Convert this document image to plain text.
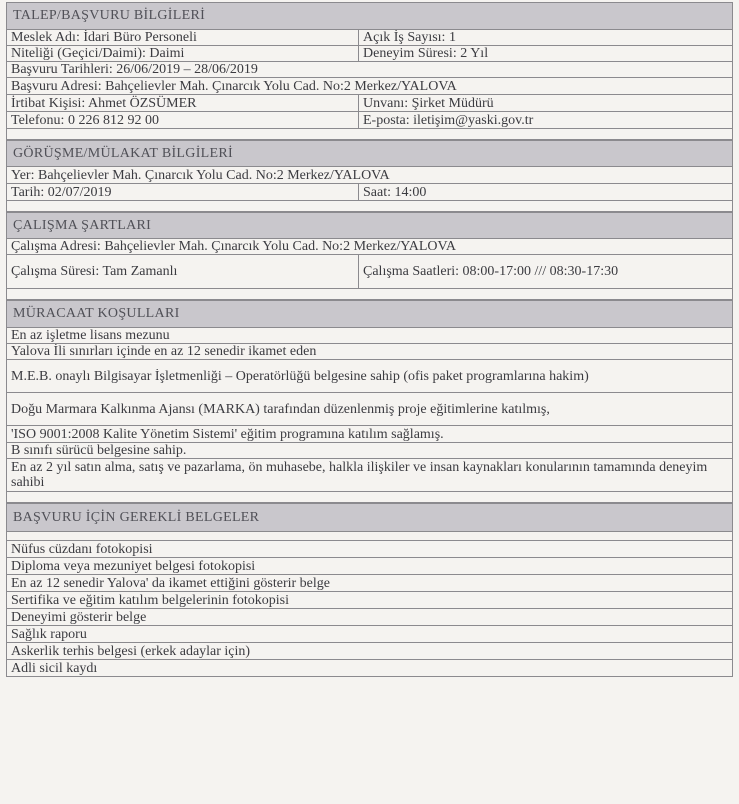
TALEP/BAŞVURU BİLGİLERİ
Meslek Adı: İdari Büro Personeli	Açık İş Sayısı: 1
Niteliği (Geçici/Daimi): Daimi	Deneyim Süresi: 2 Yıl
Başvuru Tarihleri: 26/06/2019 – 28/06/2019
Başvuru Adresi: Bahçelievler Mah. Çınarcık Yolu Cad. No:2 Merkez/YALOVA
İrtibat Kişisi: Ahmet ÖZSÜMER	Unvanı: Şirket Müdürü
Telefonu: 0 226 812 92 00	E-posta: iletişim@yaski.gov.tr
GÖRÜŞME/MÜLAKAT BİLGİLERİ
Yer: Bahçelievler Mah. Çınarcık Yolu Cad. No:2 Merkez/YALOVA
Tarih: 02/07/2019	Saat: 14:00
ÇALIŞMA ŞARTLARI
Çalışma Adresi: Bahçelievler Mah. Çınarcık Yolu Cad. No:2 Merkez/YALOVA
Çalışma Süresi: Tam Zamanlı	Çalışma Saatleri: 08:00-17:00 /// 08:30-17:30
MÜRACAAT KOŞULLARI
En az işletme lisans mezunu
Yalova İli sınırları içinde en az 12 senedir ikamet eden
M.E.B. onaylı Bilgisayar İşletmenliği – Operatörlüğü belgesine sahip (ofis paket programlarına hakim)
Doğu Marmara Kalkınma Ajansı (MARKA) tarafından düzenlenmiş proje eğitimlerine katılmış,
'ISO 9001:2008 Kalite Yönetim Sistemi' eğitim programına katılım sağlamış.
B sınıfı sürücü belgesine sahip.
En az 2 yıl satın alma, satış ve pazarlama, ön muhasebe, halkla ilişkiler ve insan kaynakları konularının tamamında deneyim sahibi
BAŞVURU İÇİN GEREKLİ BELGELER
Nüfus cüzdanı fotokopisi
Diploma veya mezuniyet belgesi fotokopisi
En az 12 senedir Yalova' da ikamet ettiğini gösterir belge
Sertifika ve eğitim katılım belgelerinin fotokopisi
Deneyimi gösterir belge
Sağlık raporu
Askerlik terhis belgesi (erkek adaylar için)
Adli sicil kaydı
